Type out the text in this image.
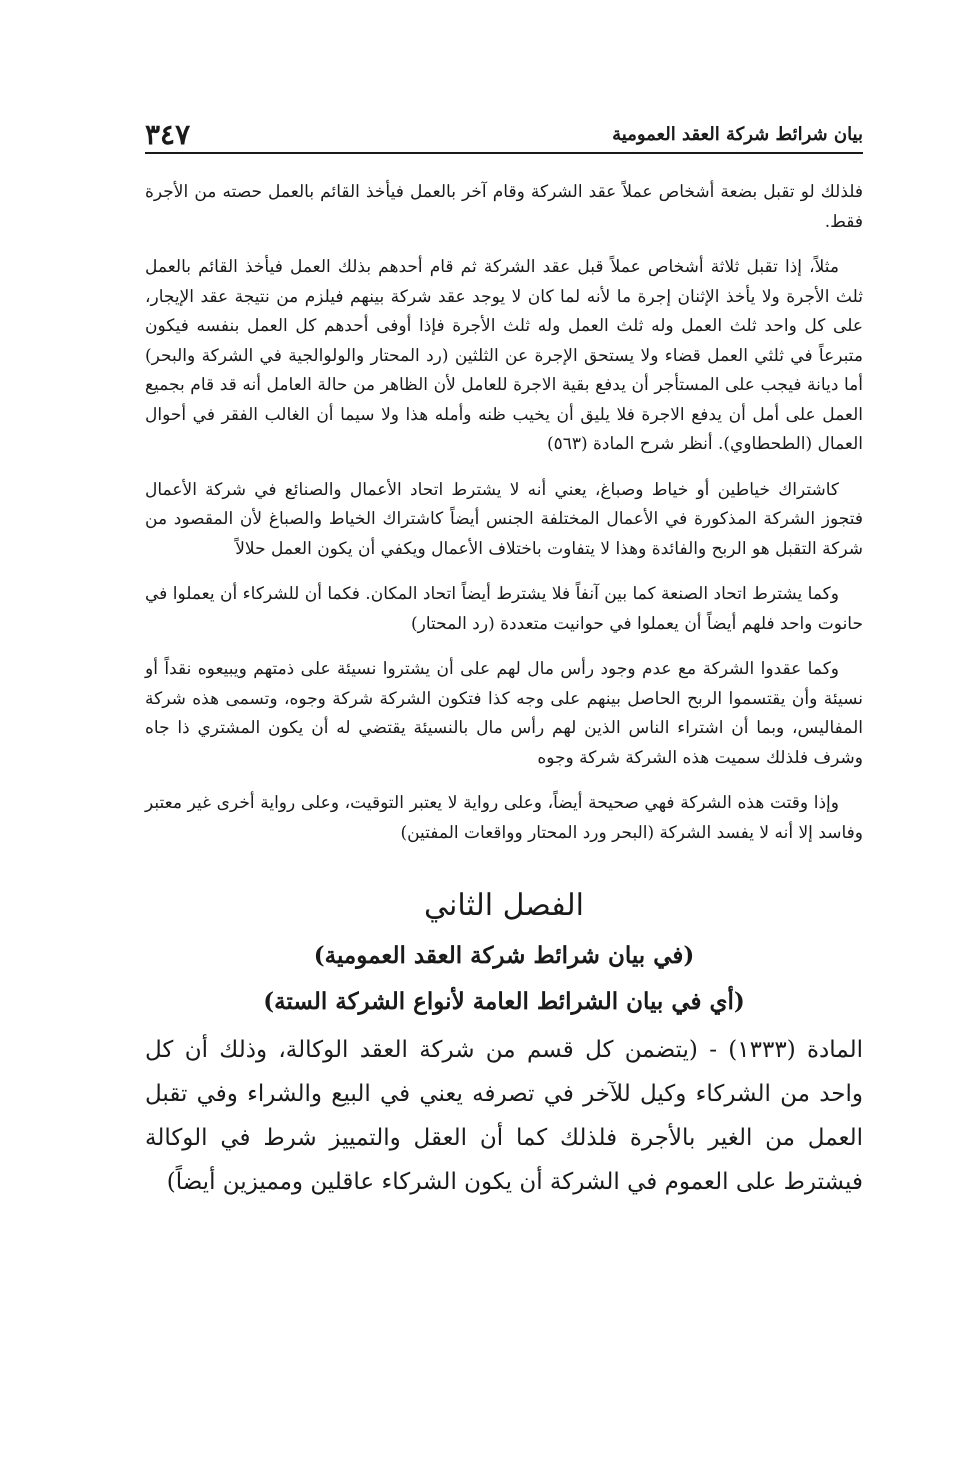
بيان شرائط شركة العقد العمومية
٣٤٧

فلذلك لو تقبل بضعة أشخاص عملاً عقد الشركة وقام آخر بالعمل فيأخذ القائم بالعمل حصته من الأجرة فقط.

مثلاً، إذا تقبل ثلاثة أشخاص عملاً قبل عقد الشركة ثم قام أحدهم بذلك العمل فيأخذ القائم بالعمل ثلث الأجرة ولا يأخذ الإثنان إجرة ما لأنه لما كان لا يوجد عقد شركة بينهم فيلزم من نتيجة عقد الإيجار، على كل واحد ثلث العمل وله ثلث العمل وله ثلث الأجرة فإذا أوفى أحدهم كل العمل بنفسه فيكون متبرعاً في ثلثي العمل قضاء ولا يستحق الإجرة عن الثلثين (رد المحتار والولوالجية في الشركة والبحر) أما ديانة فيجب على المستأجر أن يدفع بقية الاجرة للعامل لأن الظاهر من حالة العامل أنه قد قام بجميع العمل على أمل أن يدفع الاجرة فلا يليق أن يخيب ظنه وأمله هذا ولا سيما أن الغالب الفقر في أحوال العمال (الطحطاوي). أنظر شرح المادة (٥٦٣)

كاشتراك خياطين أو خياط وصباغ، يعني أنه لا يشترط اتحاد الأعمال والصنائع في شركة الأعمال فتجوز الشركة المذكورة في الأعمال المختلفة الجنس أيضاً كاشتراك الخياط والصباغ لأن المقصود من شركة التقبل هو الربح والفائدة وهذا لا يتفاوت باختلاف الأعمال ويكفي أن يكون العمل حلالاً

وكما يشترط اتحاد الصنعة كما بين آنفاً فلا يشترط أيضاً اتحاد المكان. فكما أن للشركاء أن يعملوا في حانوت واحد فلهم أيضاً أن يعملوا في حوانيت متعددة (رد المحتار)

وكما عقدوا الشركة مع عدم وجود رأس مال لهم على أن يشتروا نسيئة على ذمتهم ويبيعوه نقداً أو نسيئة وأن يقتسموا الربح الحاصل بينهم على وجه كذا فتكون الشركة شركة وجوه، وتسمى هذه شركة المفاليس، وبما أن اشتراء الناس الذين لهم رأس مال بالنسيئة يقتضي له أن يكون المشتري ذا جاه وشرف فلذلك سميت هذه الشركة شركة وجوه

وإذا وقتت هذه الشركة فهي صحيحة أيضاً، وعلى رواية لا يعتبر التوقيت، وعلى رواية أخرى غير معتبر وفاسد إلا أنه لا يفسد الشركة (البحر ورد المحتار وواقعات المفتين)

الفصل الثاني
(في بيان شرائط شركة العقد العمومية)
(أي في بيان الشرائط العامة لأنواع الشركة الستة)

المادة (١٣٣٣) - (يتضمن كل قسم من شركة العقد الوكالة، وذلك أن كل واحد من الشركاء وكيل للآخر في تصرفه يعني في البيع والشراء وفي تقبل العمل من الغير بالأجرة فلذلك كما أن العقل والتمييز شرط في الوكالة فيشترط على العموم في الشركة أن يكون الشركاء عاقلين ومميزين أيضاً)
